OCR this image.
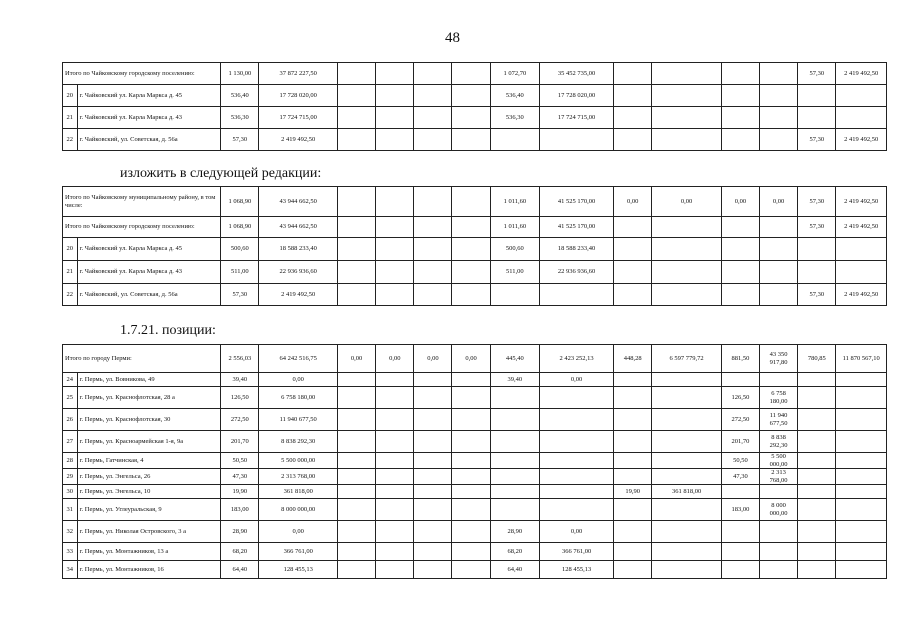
48
Итого по Чайковскому городскому поселению:		1 130,00	37 872 227,50					1 072,70	35 452 735,00					57,30	2 419 492,50
20	г. Чайковский ул. Карла Маркса д. 45	536,40	17 728 020,00					536,40	17 728 020,00						
21	г. Чайковский ул. Карла Маркса д. 43	536,30	17 724 715,00					536,30	17 724 715,00						
22	г. Чайковский, ул. Советская, д. 56а	57,30	2 419 492,50											57,30	2 419 492,50
изложить в следующей редакции:
Итого по Чайковскому муниципальному району, в том числе:		1 068,90	43 944 662,50					1 011,60	41 525 170,00	0,00	0,00	0,00	0,00	57,30	2 419 492,50
Итого по Чайковскому городскому поселению:		1 068,90	43 944 662,50					1 011,60	41 525 170,00					57,30	2 419 492,50
20	г. Чайковский ул. Карла Маркса д. 45	500,60	18 588 233,40					500,60	18 588 233,40						
21	г. Чайковский ул. Карла Маркса д. 43	511,00	22 936 936,60					511,00	22 936 936,60						
22	г. Чайковский, ул. Советская, д. 56а	57,30	2 419 492,50											57,30	2 419 492,50
1.7.21. позиции:
Итого по городу Перми:		2 556,03	64 242 516,75	0,00	0,00	0,00	0,00	445,40	2 423 252,13	448,28	6 597 779,72	881,50	43 350 917,80	780,85	11 870 567,10
24	г. Пермь, ул. Вовникова, 49	39,40	0,00					39,40	0,00						
25	г. Пермь, ул. Краснофлотская, 28 а	126,50	6 758 180,00									126,50	6 758 180,00		
26	г. Пермь, ул. Краснофлотская, 30	272,50	11 940 677,50									272,50	11 940 677,50		
27	г. Пермь, ул. Красноармейская 1-я, 9а	201,70	8 838 292,30									201,70	8 838 292,30		
28	г. Пермь, Гатчинская, 4	50,50	5 500 000,00									50,50	5 500 000,00		
29	г. Пермь, ул. Энгельса, 26	47,30	2 313 768,00									47,30	2 313 768,00		
30	г. Пермь, ул. Энгельса, 10	19,90	361 818,00							19,90	361 818,00				
31	г. Пермь, ул. Углеуральская, 9	183,00	8 000 000,00									183,00	8 000 000,00		
32	г. Пермь, ул. Николая Островского, 3 а	28,90	0,00					28,90	0,00						
33	г. Пермь, ул. Монтажников, 13 а	68,20	366 761,00					68,20	366 761,00						
34	г. Пермь, ул. Монтажников, 16	64,40	128 455,13					64,40	128 455,13						
